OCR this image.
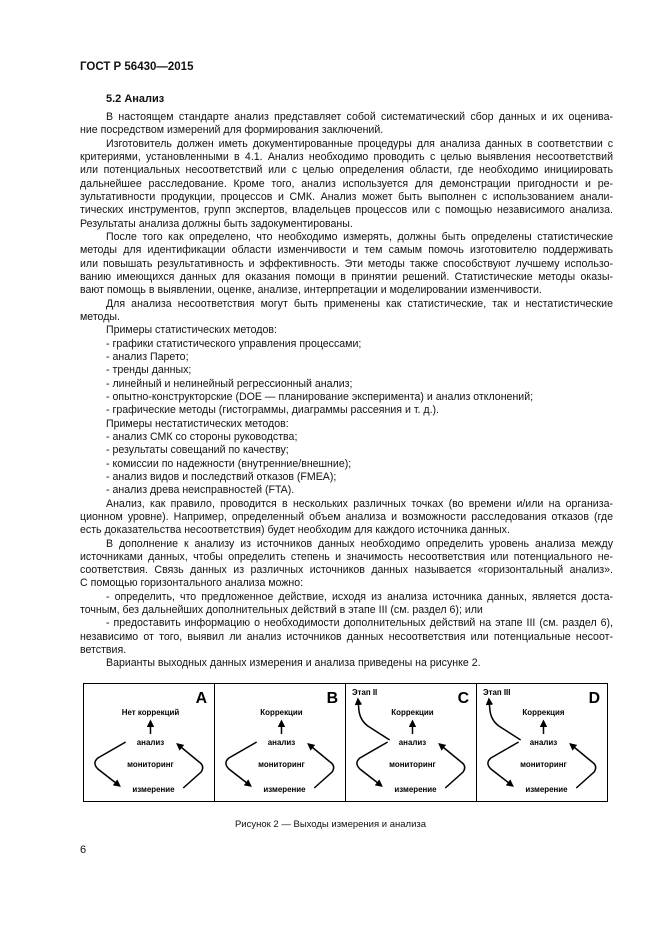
ГОСТ Р 56430—2015
5.2 Анализ
В настоящем стандарте анализ представляет собой систематический сбор данных и их оценива-
ние посредством измерений для формирования заключений.
Изготовитель должен иметь документированные процедуры для анализа данных в соответствии с
критериями, установленными в 4.1. Анализ необходимо проводить с целью выявления несоответствий
или потенциальных несоответствий или с целью определения области, где необходимо инициировать
дальнейшее расследование. Кроме того, анализ используется для демонстрации пригодности и ре-
зультативности продукции, процессов и СМК. Анализ может быть выполнен с использованием анали-
тических инструментов, групп экспертов, владельцев процессов или с помощью независимого анализа.
Результаты анализа должны быть задокументированы.
После того как определено, что необходимо измерять, должны быть определены статистические
методы для идентификации области изменчивости и тем самым помочь изготовителю поддерживать
или повышать результативность и эффективность. Эти методы также способствуют лучшему использо-
ванию имеющихся данных для оказания помощи в принятии решений. Статистические методы оказы-
вают помощь в выявлении, оценке, анализе, интерпретации и моделировании изменчивости.
Для анализа несоответствия могут быть применены как статистические, так и нестатистические
методы.
Примеры статистических методов:
- графики статистического управления процессами;
- анализ Парето;
- тренды данных;
- линейный и нелинейный регрессионный анализ;
- опытно-конструкторские (DOE — планирование эксперимента) и анализ отклонений;
- графические методы (гистограммы, диаграммы рассеяния и т. д.).
Примеры нестатистических методов:
- анализ СМК со стороны руководства;
- результаты совещаний по качеству;
- комиссии по надежности (внутренние/внешние);
- анализ видов и последствий отказов (FMEA);
- анализ древа неисправностей (FTA).
Анализ, как правило, проводится в нескольких различных точках (во времени и/или на организа-
ционном уровне). Например, определенный объем анализа и возможности расследования отказов (где
есть доказательства несоответствия) будет необходим для каждого источника данных.
В дополнение к анализу из источников данных необходимо определить уровень анализа между
источниками данных, чтобы определить степень и значимость несоответствия или потенциального не-
соответствия. Связь данных из различных источников данных называется «горизонтальный анализ».
С помощью горизонтального анализа можно:
- определить, что предложенное действие, исходя из анализа источника данных, является доста-
точным, без дальнейших дополнительных действий в этапе III (см. раздел 6); или
- предоставить информацию о необходимости дополнительных действий на этапе III (см. раздел 6),
независимо от того, выявил ли анализ источников данных несоответствия или потенциальные несоот-
ветствия.
Варианты выходных данных измерения и анализа приведены на рисунке 2.
A
Нет коррекций
анализ
мониторинг
измерение
B
Коррекции
анализ
мониторинг
измерение
C
Коррекции
анализ
мониторинг
измерение
Этап II	D
Коррекция
анализ
мониторинг
измерение
Этап III
Рисунок 2 — Выходы измерения и анализа
6
